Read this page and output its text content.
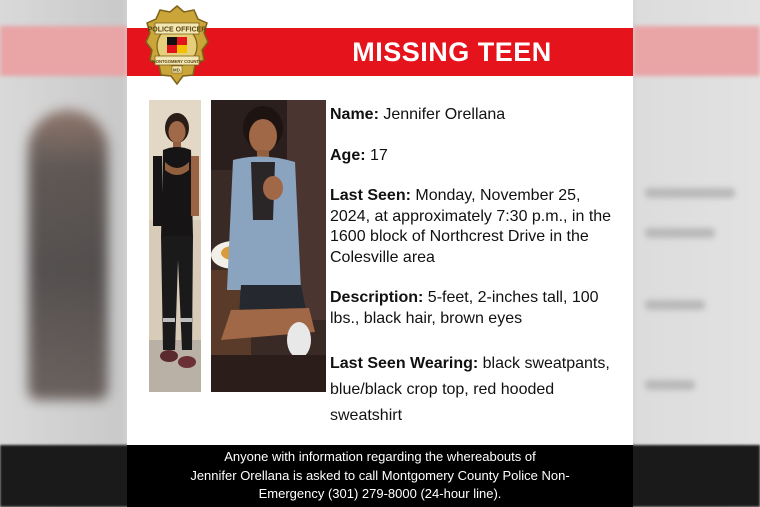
MISSING TEEN
POLICE OFFICER
MONTGOMERY COUNTY
MD.

Name: Jennifer Orellana

Age: 17

Last Seen: Monday, November 25, 2024, at approximately 7:30 p.m., in the 1600 block of Northcrest Drive in the Colesville area

Description: 5-feet, 2-inches tall, 100 lbs., black hair, brown eyes

Last Seen Wearing: black sweatpants, blue/black crop top, red hooded sweatshirt

Anyone with information regarding the whereabouts of
Jennifer Orellana is asked to call Montgomery County Police Non-
Emergency (301) 279-8000 (24-hour line).
